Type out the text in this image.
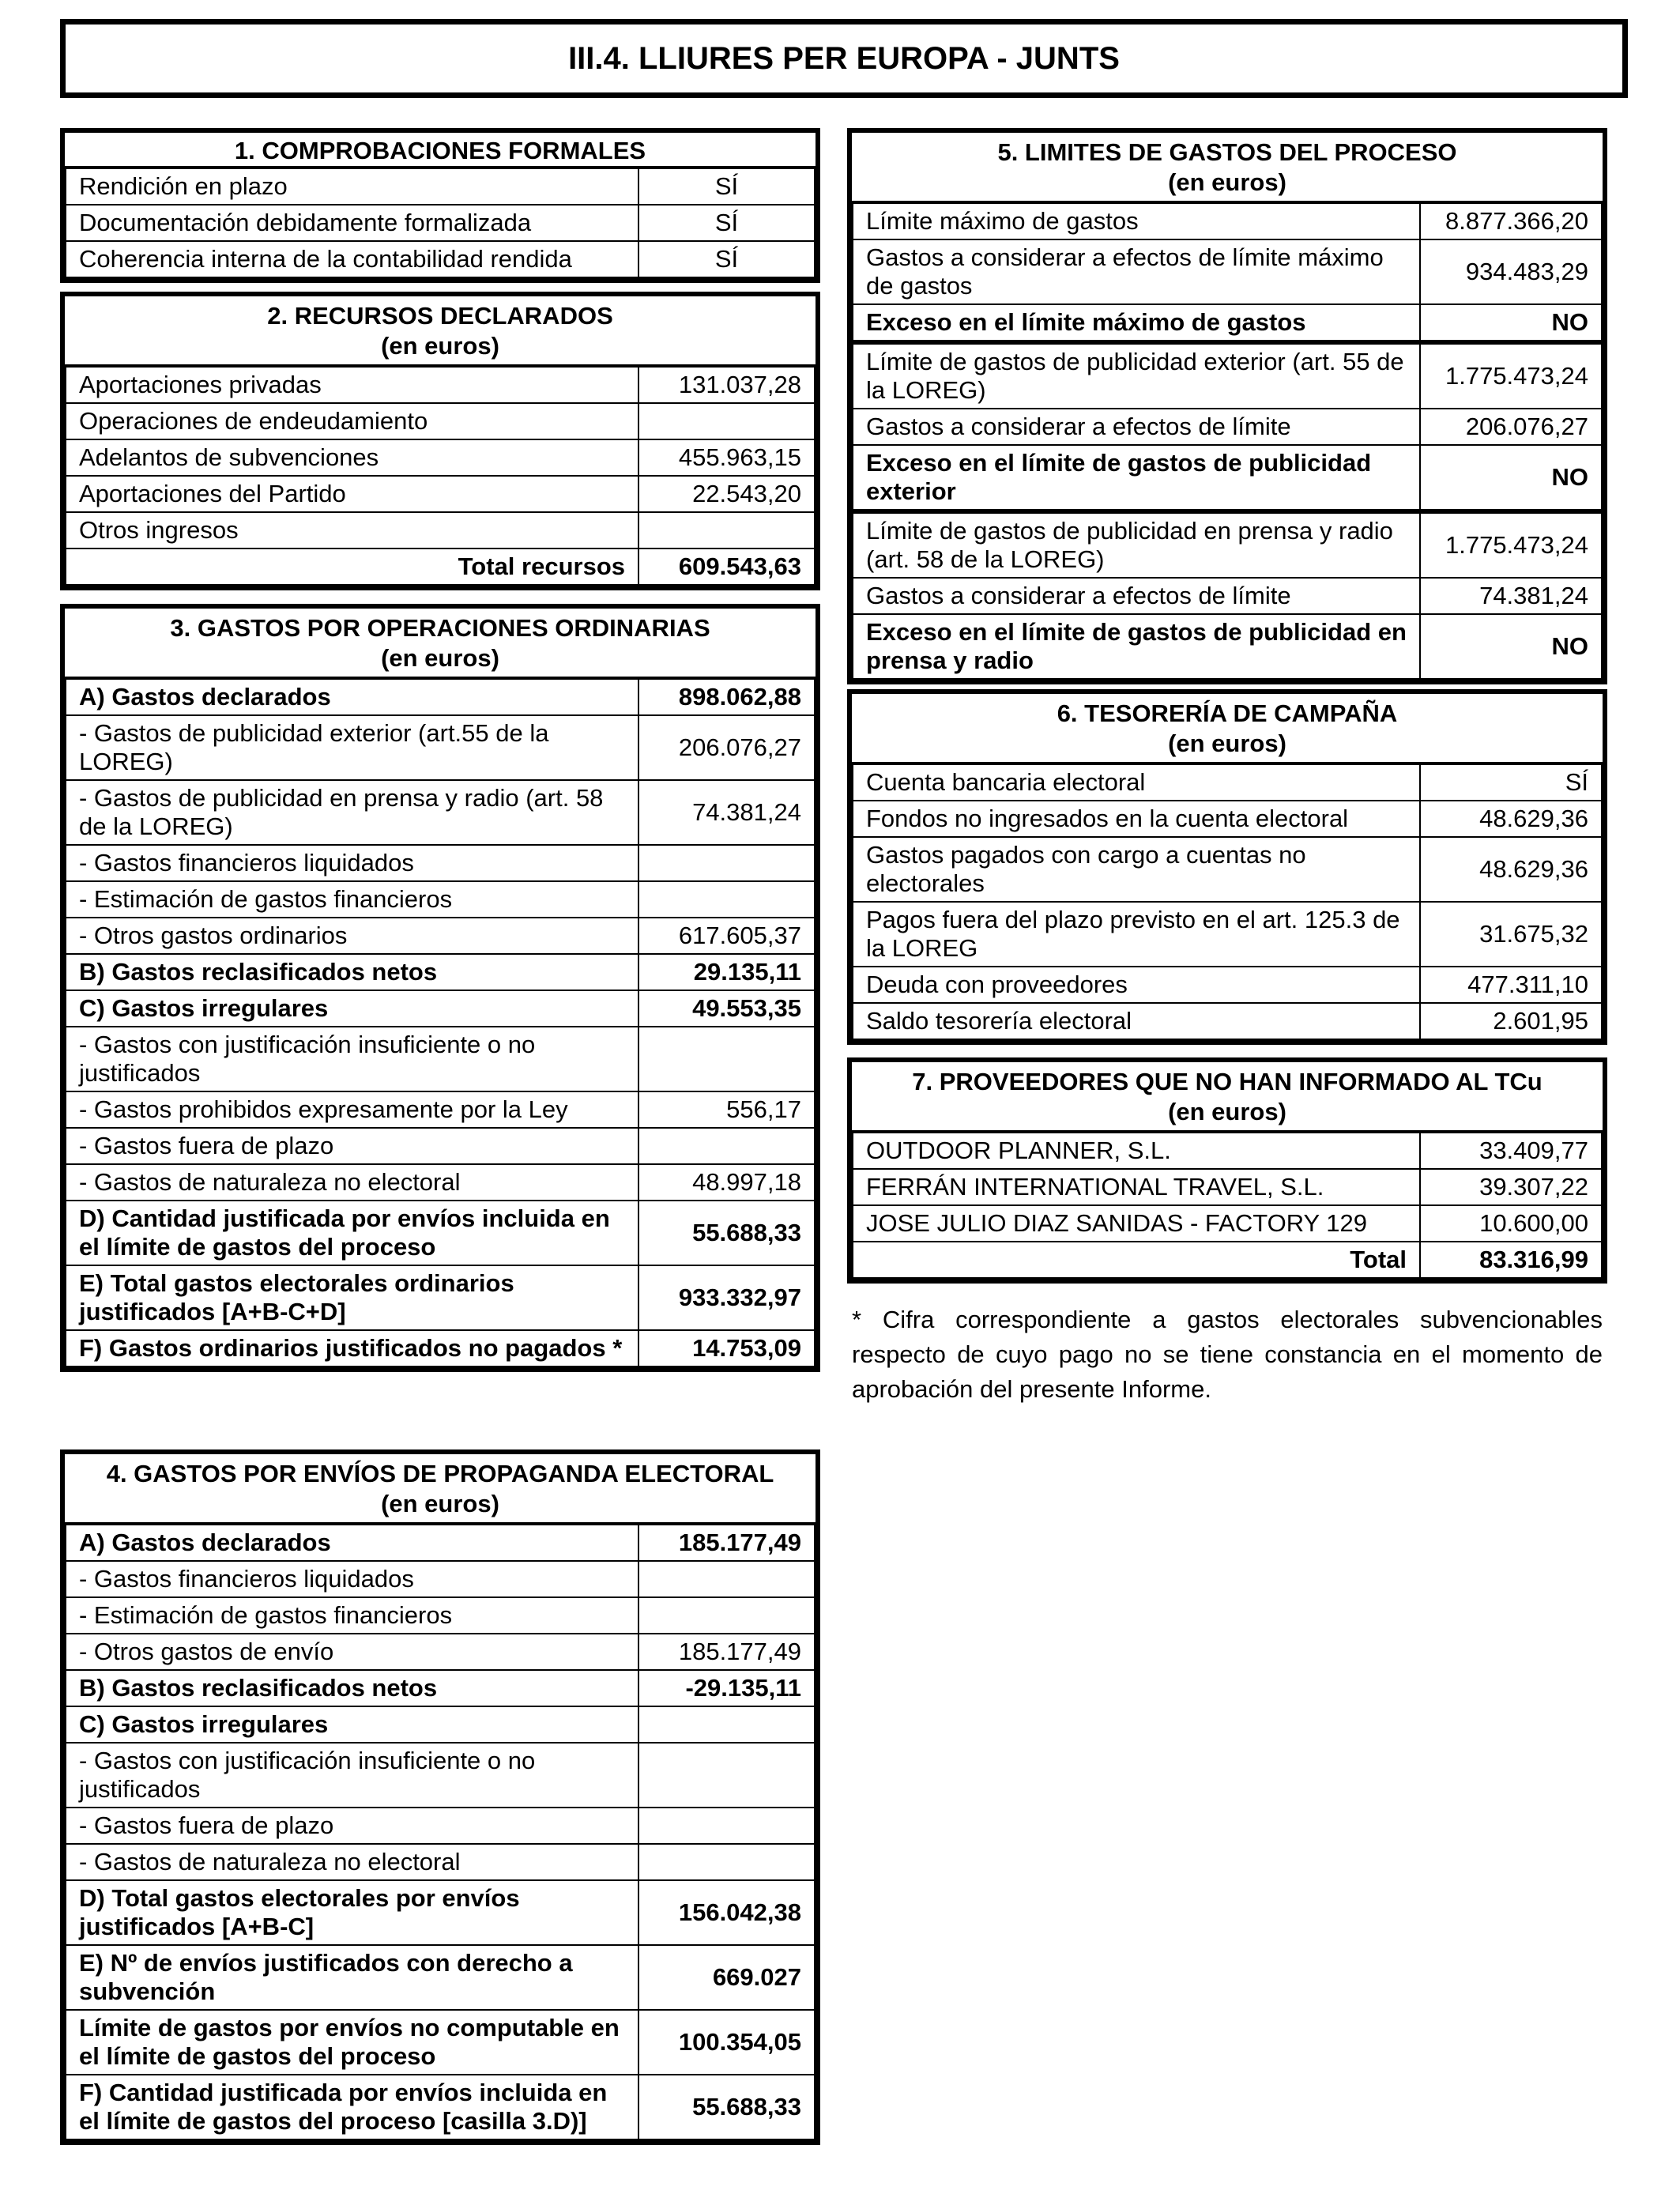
III.4. LLIURES PER EUROPA - JUNTS
1. COMPROBACIONES FORMALES
Rendición en plazo	SÍ
Documentación debidamente formalizada	SÍ
Coherencia interna de la contabilidad rendida	SÍ
2. RECURSOS DECLARADOS
(en euros)
Aportaciones privadas	131.037,28
Operaciones de endeudamiento	
Adelantos de subvenciones	455.963,15
Aportaciones del Partido	22.543,20
Otros ingresos	
Total recursos	609.543,63
3. GASTOS POR OPERACIONES ORDINARIAS
(en euros)
A) Gastos declarados	898.062,88
- Gastos de publicidad exterior (art.55 de la LOREG)	206.076,27
- Gastos de publicidad en prensa y radio (art. 58 de la LOREG)	74.381,24
- Gastos financieros liquidados	
- Estimación de gastos financieros	
- Otros gastos ordinarios	617.605,37
B) Gastos reclasificados netos	29.135,11
C) Gastos irregulares	49.553,35
- Gastos con justificación insuficiente o no justificados	
- Gastos prohibidos expresamente por la Ley	556,17
- Gastos fuera de plazo	
- Gastos de naturaleza no electoral	48.997,18
D) Cantidad justificada por envíos incluida en el límite de gastos del proceso	55.688,33
E) Total gastos electorales ordinarios justificados [A+B-C+D]	933.332,97
F) Gastos ordinarios justificados no pagados *	14.753,09
4. GASTOS POR ENVÍOS DE PROPAGANDA ELECTORAL
(en euros)
A) Gastos declarados	185.177,49
- Gastos financieros liquidados	
- Estimación de gastos financieros	
- Otros gastos de envío	185.177,49
B) Gastos reclasificados netos	-29.135,11
C) Gastos irregulares	
- Gastos con justificación insuficiente o no justificados	
- Gastos fuera de plazo	
- Gastos de naturaleza no electoral	
D) Total gastos electorales por envíos justificados [A+B-C]	156.042,38
E) Nº de envíos justificados con derecho a subvención	669.027
Límite de gastos por envíos no computable en el límite de gastos del proceso	100.354,05
F) Cantidad justificada por envíos incluida en el límite de gastos del proceso [casilla 3.D)]	55.688,33
5. LIMITES DE GASTOS DEL PROCESO
(en euros)
Límite máximo de gastos	8.877.366,20
Gastos a considerar a efectos de límite máximo de gastos	934.483,29
Exceso en el límite máximo de gastos	NO
Límite de gastos de publicidad exterior (art. 55 de la LOREG)	1.775.473,24
Gastos a considerar a efectos de límite	206.076,27
Exceso en el límite de gastos de publicidad exterior	NO
Límite de gastos de publicidad en prensa y radio (art. 58 de la LOREG)	1.775.473,24
Gastos a considerar a efectos de límite	74.381,24
Exceso en el límite de gastos de publicidad en prensa y radio	NO
6. TESORERÍA DE CAMPAÑA
(en euros)
Cuenta bancaria electoral	SÍ
Fondos no ingresados en la cuenta electoral	48.629,36
Gastos pagados con cargo a cuentas no electorales	48.629,36
Pagos fuera del plazo previsto en el art. 125.3 de la LOREG	31.675,32
Deuda con proveedores	477.311,10
Saldo tesorería electoral	2.601,95
7. PROVEEDORES QUE NO HAN INFORMADO AL TCu
(en euros)
OUTDOOR PLANNER, S.L.	33.409,77
FERRÁN INTERNATIONAL TRAVEL, S.L.	39.307,22
JOSE JULIO DIAZ SANIDAS - FACTORY 129	10.600,00
Total	83.316,99
* Cifra correspondiente a gastos electorales subvencionables respecto de cuyo pago no se tiene constancia en el momento de aprobación del presente Informe.
